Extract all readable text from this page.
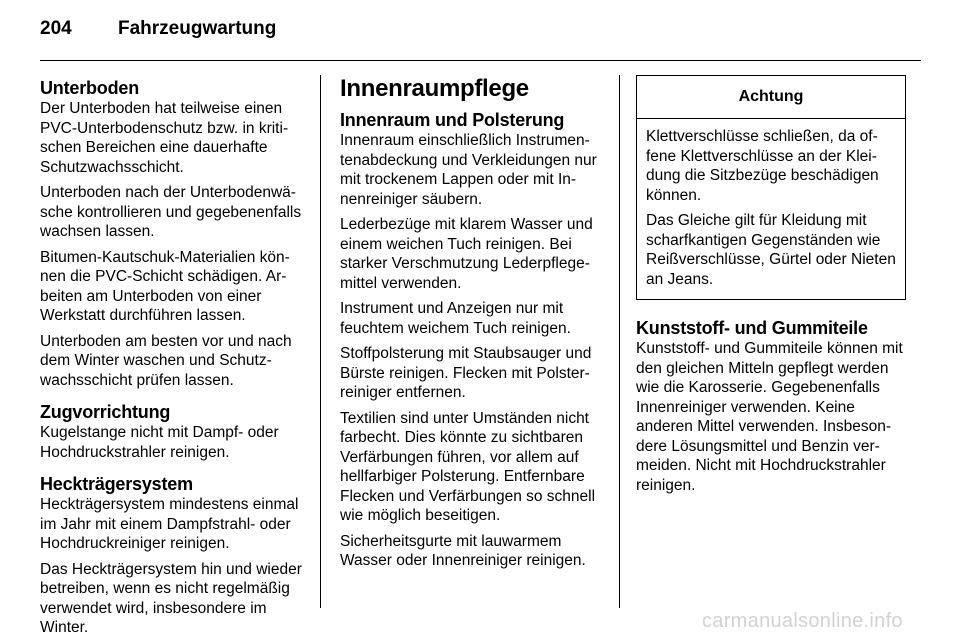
204 Fahrzeugwartung
Unterboden

Der Unterboden hat teilweise einen PVC-Unterbodenschutz bzw. in kritischen Bereichen eine dauerhafte Schutzwachsschicht.

Unterboden nach der Unterbodenwäsche kontrollieren und gegebenenfalls wachsen lassen.

Bitumen-Kautschuk-Materialien können die PVC-Schicht schädigen. Arbeiten am Unterboden von einer Werkstatt durchführen lassen.

Unterboden am besten vor und nach dem Winter waschen und Schutzwachsschicht prüfen lassen.

Zugvorrichtung

Kugelstange nicht mit Dampf- oder Hochdruckstrahler reinigen.

Heckträgersystem

Heckträgersystem mindestens einmal im Jahr mit einem Dampfstrahl- oder Hochdruckreiniger reinigen.

Das Heckträgersystem hin und wieder betreiben, wenn es nicht regelmäßig verwendet wird, insbesondere im Winter.

Innenraumpflege
Innenraum und Polsterung

Innenraum einschließlich Instrumentenabdeckung und Verkleidungen nur mit trockenem Lappen oder mit Innenreiniger säubern.

Lederbezüge mit klarem Wasser und einem weichen Tuch reinigen. Bei starker Verschmutzung Lederpflegemittel verwenden.

Instrument und Anzeigen nur mit feuchtem weichem Tuch reinigen.

Stoffpolsterung mit Staubsauger und Bürste reinigen. Flecken mit Polsterreiniger entfernen.

Textilien sind unter Umständen nicht farbecht. Dies könnte zu sichtbaren Verfärbungen führen, vor allem auf hellfarbiger Polsterung. Entfernbare Flecken und Verfärbungen so schnell wie möglich beseitigen.

Sicherheitsgurte mit lauwarmem Wasser oder Innenreiniger reinigen.

Achtung

Klettverschlüsse schließen, da offene Klettverschlüsse an der Kleidung die Sitzbezüge beschädigen können.

Das Gleiche gilt für Kleidung mit scharfkantigen Gegenständen wie Reißverschlüsse, Gürtel oder Nieten an Jeans.

Kunststoff- und Gummiteile

Kunststoff- und Gummiteile können mit den gleichen Mitteln gepflegt werden wie die Karosserie. Gegebenenfalls Innenreiniger verwenden. Keine anderen Mittel verwenden. Insbesondere Lösungsmittel und Benzin vermeiden. Nicht mit Hochdruckstrahler reinigen.

carmanualsonline.info
